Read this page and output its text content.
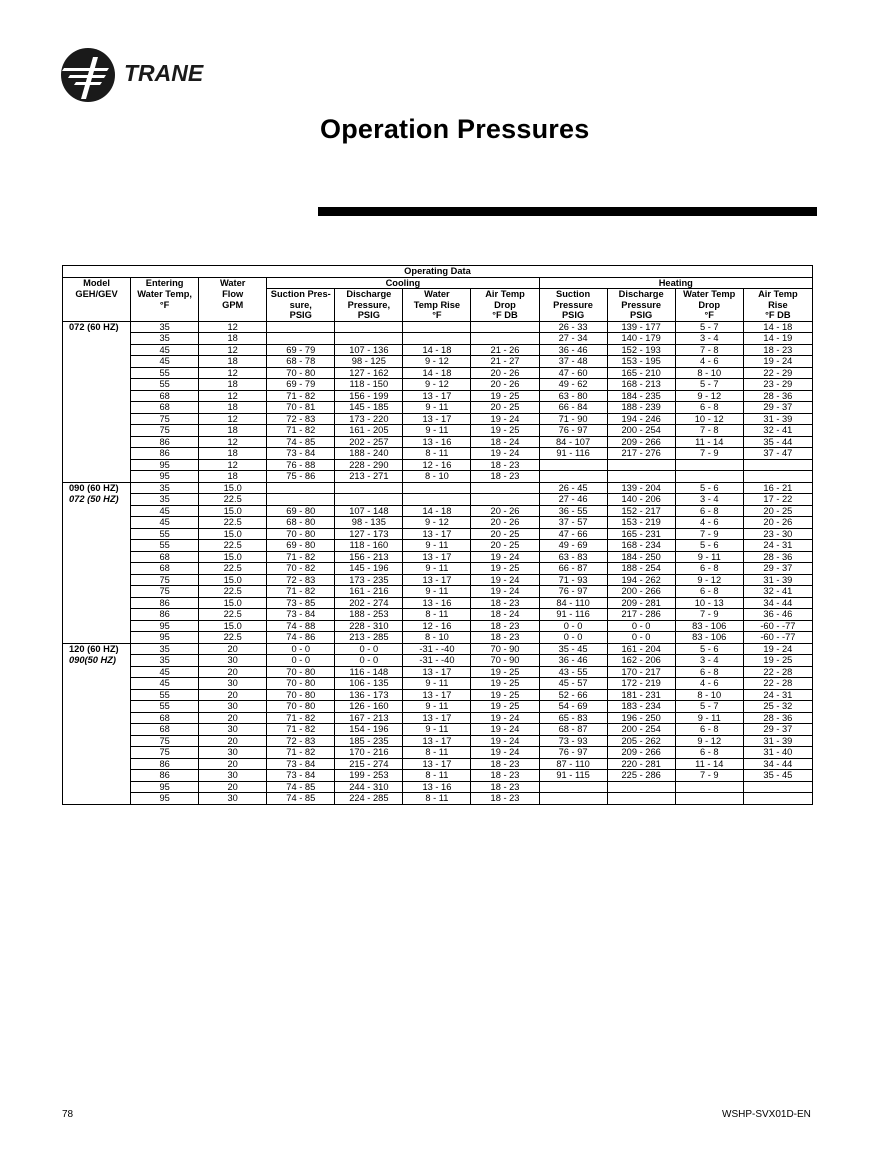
TRANE
Operation Pressures
Operating Data										
Model	Entering	Water	Cooling				Heating			
GEH/GEV	Water Temp,	Flow	Suction Pres-	Discharge	Water	Air Temp	Suction	Discharge	Water Temp	Air Temp
	°F	GPM	sure,	Pressure,	Temp Rise	Drop	Pressure	Pressure	Drop	Rise
			PSIG	PSIG	°F	°F DB	PSIG	PSIG	°F	°F DB
072 (60 HZ)	35	12					26 - 33	139 - 177	5 - 7	14 - 18
	35	18					27 - 34	140 - 179	3 - 4	14 - 19
	45	12	69 - 79	107 - 136	14 - 18	21 - 26	36 - 46	152 - 193	7 - 8	18 - 23
	45	18	68 - 78	98 - 125	9 - 12	21 - 27	37 - 48	153 - 195	4 - 6	19 - 24
	55	12	70 - 80	127 - 162	14 - 18	20 - 26	47 - 60	165 - 210	8 - 10	22 - 29
	55	18	69 - 79	118 - 150	9 - 12	20 - 26	49 - 62	168 - 213	5 - 7	23 - 29
	68	12	71 - 82	156 - 199	13 - 17	19 - 25	63 - 80	184 - 235	9 - 12	28 - 36
	68	18	70 - 81	145 - 185	9 - 11	20 - 25	66 - 84	188 - 239	6 - 8	29 - 37
	75	12	72 - 83	173 - 220	13 - 17	19 - 24	71 - 90	194 - 246	10 - 12	31 - 39
	75	18	71 - 82	161 - 205	9 - 11	19 - 25	76 - 97	200 - 254	7 - 8	32 - 41
	86	12	74 - 85	202 - 257	13 - 16	18 - 24	84 - 107	209 - 266	11 - 14	35 - 44
	86	18	73 - 84	188 - 240	8 - 11	19 - 24	91 - 116	217 - 276	7 - 9	37 - 47
	95	12	76 - 88	228 - 290	12 - 16	18 - 23				
	95	18	75 - 86	213 - 271	8 - 10	18 - 23				
090 (60 HZ)	35	15.0					26 - 45	139 - 204	5 - 6	16 - 21
072 (50 HZ)	35	22.5					27 - 46	140 - 206	3 - 4	17 - 22
	45	15.0	69 - 80	107 - 148	14 - 18	20 - 26	36 - 55	152 - 217	6 - 8	20 - 25
	45	22.5	68 - 80	98 - 135	9 - 12	20 - 26	37 - 57	153 - 219	4 - 6	20 - 26
	55	15.0	70 - 80	127 - 173	13 - 17	20 - 25	47 - 66	165 - 231	7 - 9	23 - 30
	55	22.5	69 - 80	118 - 160	9 - 11	20 - 25	49 - 69	168 - 234	5 - 6	24 - 31
	68	15.0	71 - 82	156 - 213	13 - 17	19 - 24	63 - 83	184 - 250	9 - 11	28 - 36
	68	22.5	70 - 82	145 - 196	9 - 11	19 - 25	66 - 87	188 - 254	6 - 8	29 - 37
	75	15.0	72 - 83	173 - 235	13 - 17	19 - 24	71 - 93	194 - 262	9 - 12	31 - 39
	75	22.5	71 - 82	161 - 216	9 - 11	19 - 24	76 - 97	200 - 266	6 - 8	32 - 41
	86	15.0	73 - 85	202 - 274	13 - 16	18 - 23	84 - 110	209 - 281	10 - 13	34 - 44
	86	22.5	73 - 84	188 - 253	8 - 11	18 - 24	91 - 116	217 - 286	7 - 9	36 - 46
	95	15.0	74 - 88	228 - 310	12 - 16	18 - 23	0 - 0	0 - 0	83 - 106	-60 - -77
	95	22.5	74 - 86	213 - 285	8 - 10	18 - 23	0 - 0	0 - 0	83 - 106	-60 - -77
120 (60 HZ)	35	20	0 - 0	0 - 0	-31 - -40	70 - 90	35 - 45	161 - 204	5 - 6	19 - 24
090(50 HZ)	35	30	0 - 0	0 - 0	-31 - -40	70 - 90	36 - 46	162 - 206	3 - 4	19 - 25
	45	20	70 - 80	116 - 148	13 - 17	19 - 25	43 - 55	170 - 217	6 - 8	22 - 28
	45	30	70 - 80	106 - 135	9 - 11	19 - 25	45 - 57	172 - 219	4 - 6	22 - 28
	55	20	70 - 80	136 - 173	13 - 17	19 - 25	52 - 66	181 - 231	8 - 10	24 - 31
	55	30	70 - 80	126 - 160	9 - 11	19 - 25	54 - 69	183 - 234	5 - 7	25 - 32
	68	20	71 - 82	167 - 213	13 - 17	19 - 24	65 - 83	196 - 250	9 - 11	28 - 36
	68	30	71 - 82	154 - 196	9 - 11	19 - 24	68 - 87	200 - 254	6 - 8	29 - 37
	75	20	72 - 83	185 - 235	13 - 17	19 - 24	73 - 93	205 - 262	9 - 12	31 - 39
	75	30	71 - 82	170 - 216	8 - 11	19 - 24	76 - 97	209 - 266	6 - 8	31 - 40
	86	20	73 - 84	215 - 274	13 - 17	18 - 23	87 - 110	220 - 281	11 - 14	34 - 44
	86	30	73 - 84	199 - 253	8 - 11	18 - 23	91 - 115	225 - 286	7 - 9	35 - 45
	95	20	74 - 85	244 - 310	13 - 16	18 - 23				
	95	30	74 - 85	224 - 285	8 - 11	18 - 23				
78	WSHP-SVX01D-EN
